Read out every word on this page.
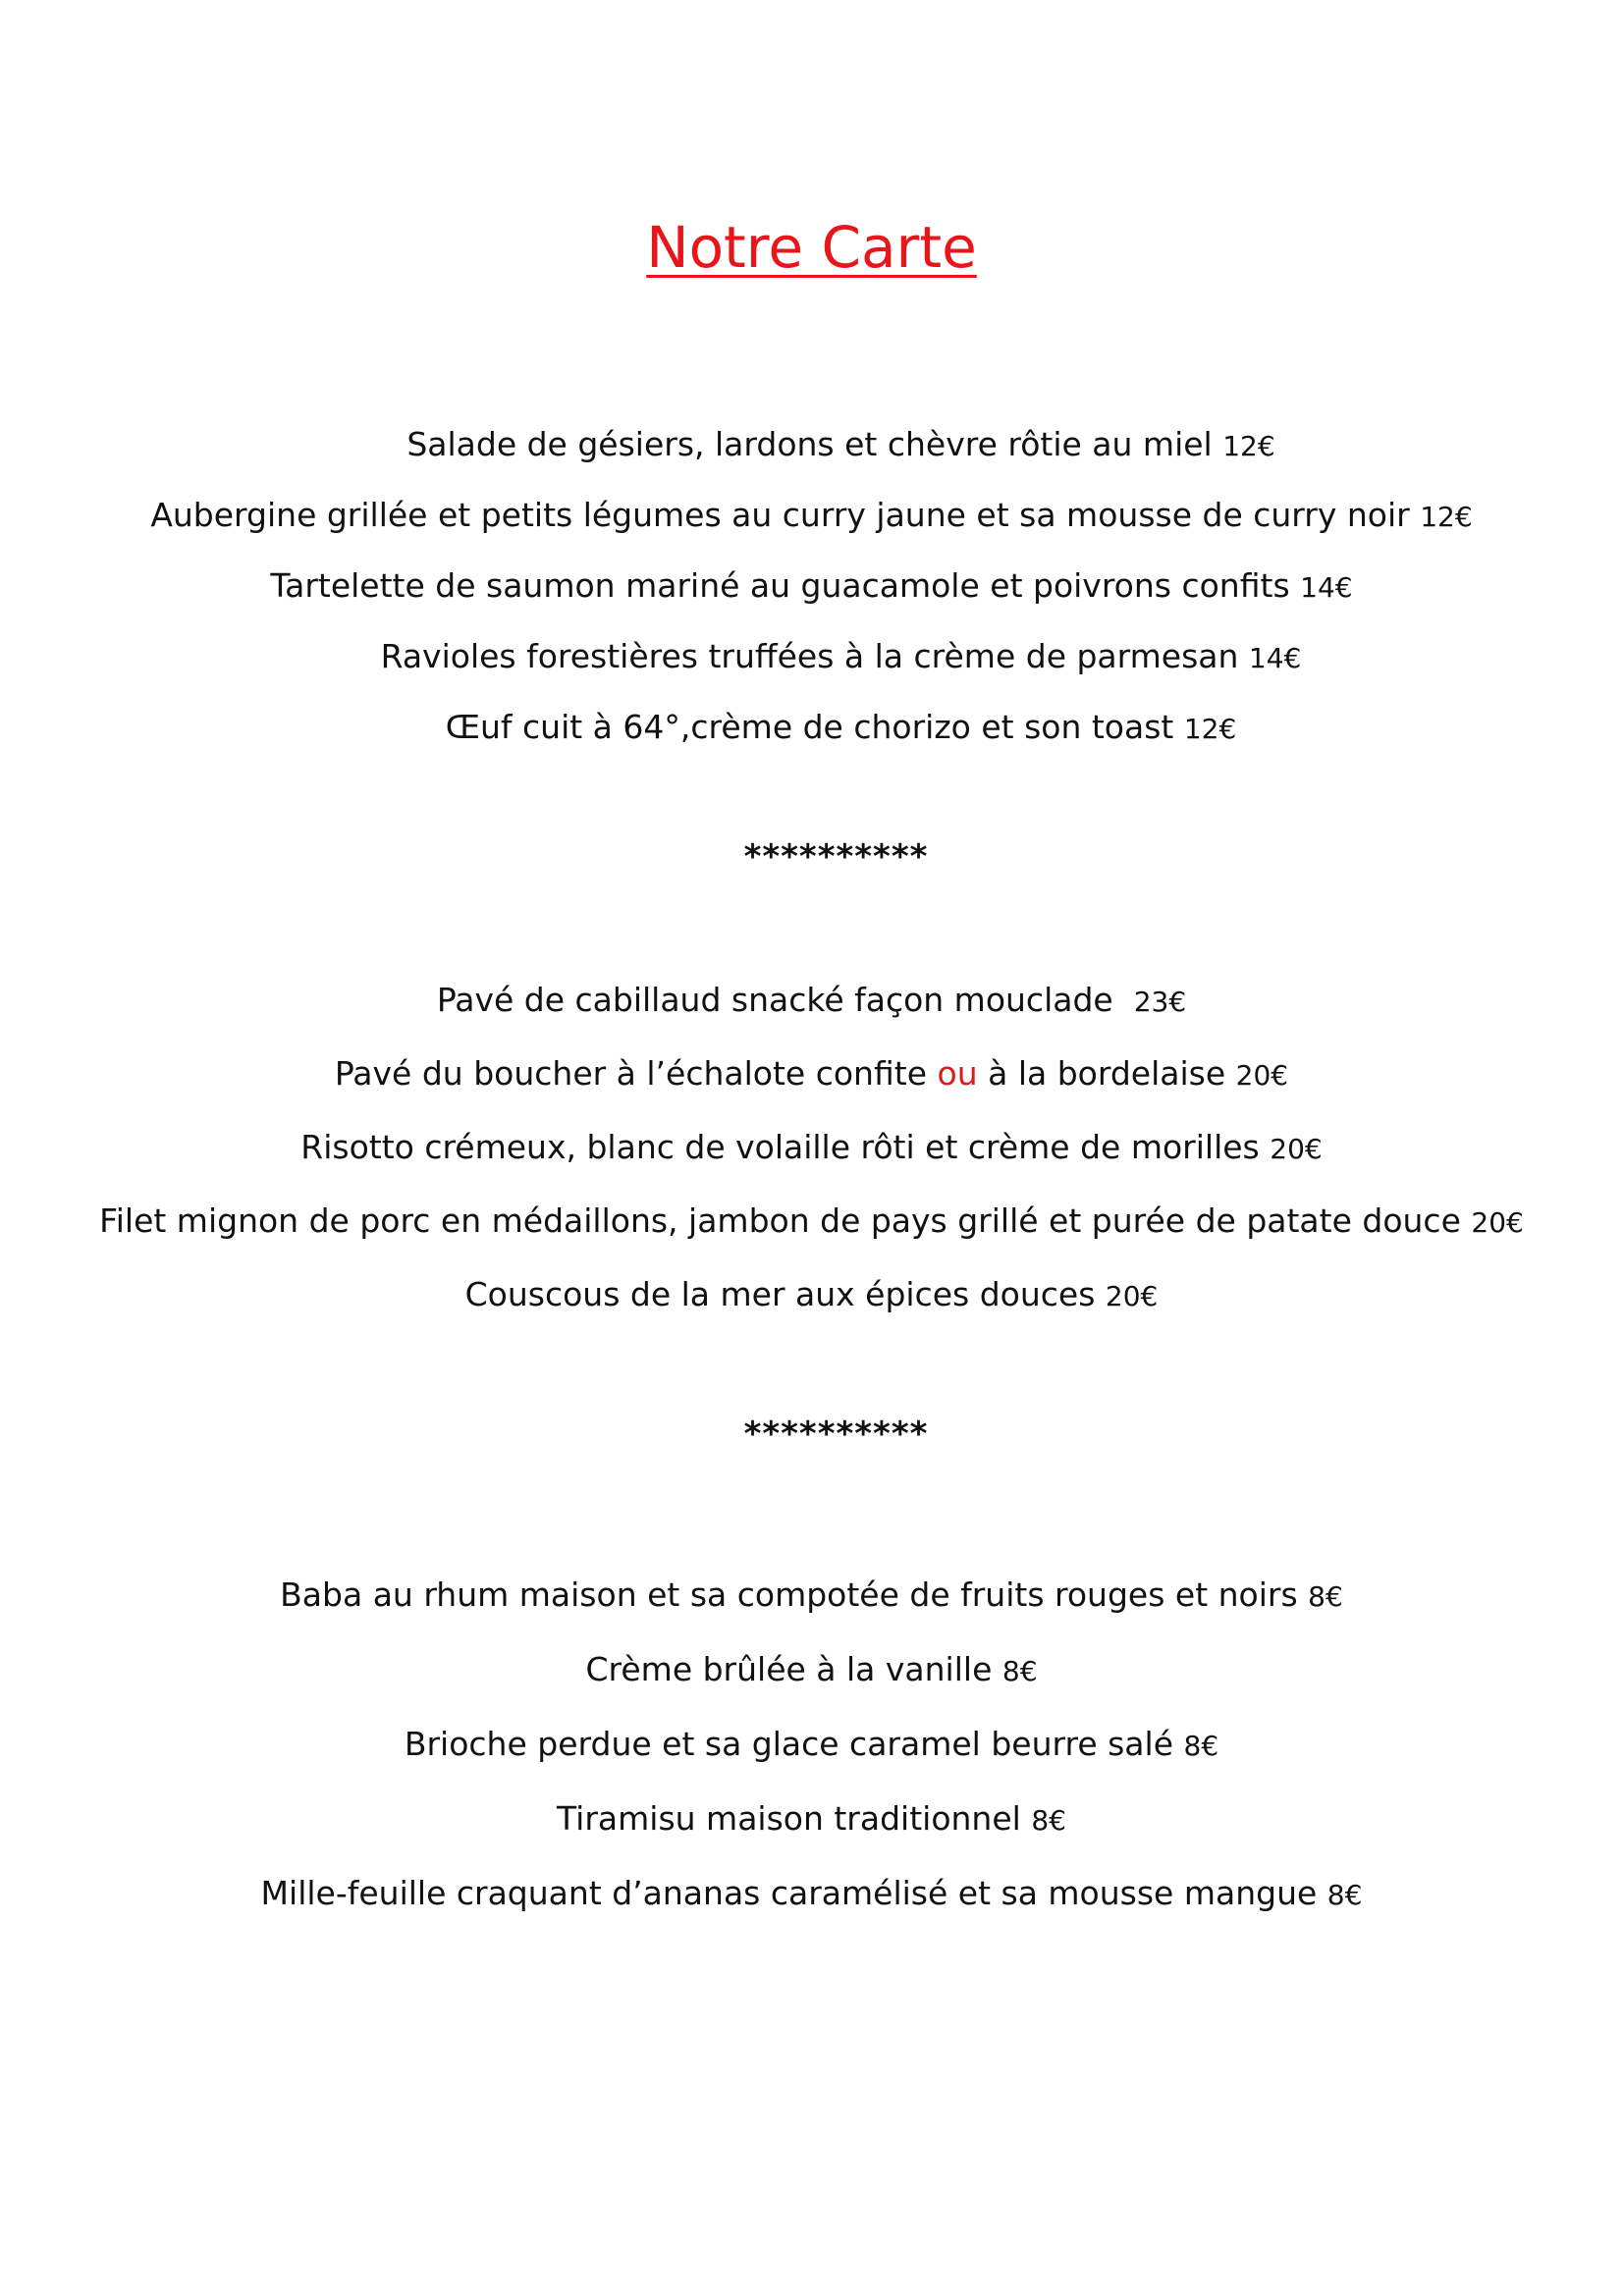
Notre Carte
Salade de gésiers, lardons et chèvre rôtie au miel 12€
Aubergine grillée et petits légumes au curry jaune et sa mousse de curry noir 12€
Tartelette de saumon mariné au guacamole et poivrons confits 14€
Ravioles forestières truffées à la crème de parmesan 14€
Œuf cuit à 64°,crème de chorizo et son toast 12€
**********
Pavé de cabillaud snacké façon mouclade  23€
Pavé du boucher à l’échalote confite ou à la bordelaise 20€
Risotto crémeux, blanc de volaille rôti et crème de morilles 20€
Filet mignon de porc en médaillons, jambon de pays grillé et purée de patate douce 20€
Couscous de la mer aux épices douces 20€
**********
Baba au rhum maison et sa compotée de fruits rouges et noirs 8€
Crème brûlée à la vanille 8€
Brioche perdue et sa glace caramel beurre salé 8€
Tiramisu maison traditionnel 8€
Mille-feuille craquant d’ananas caramélisé et sa mousse mangue 8€
